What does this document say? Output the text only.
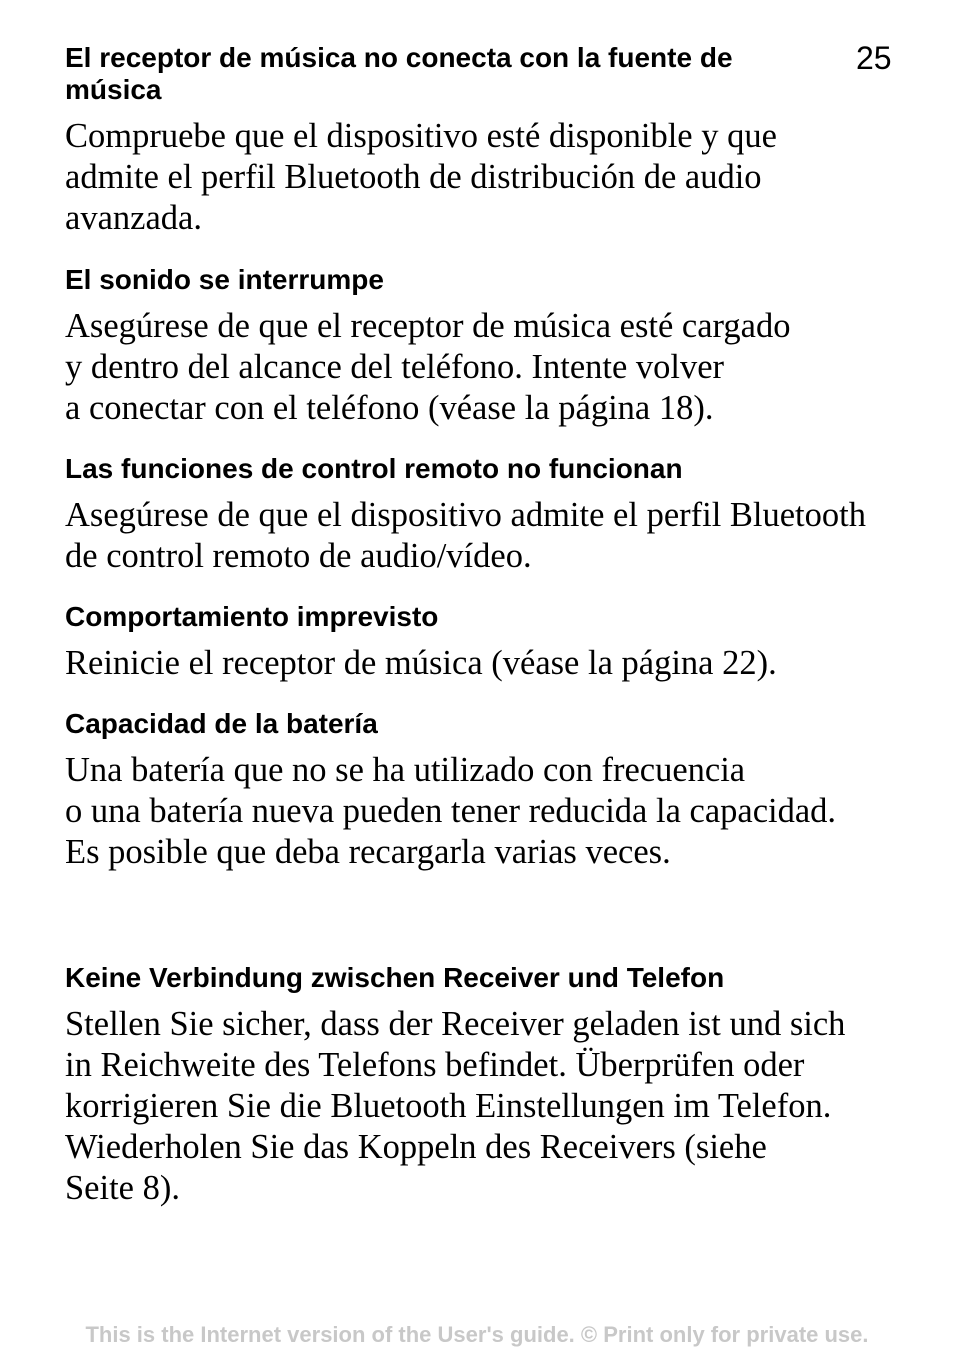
25
El receptor de música no conecta con la fuente de música

Compruebe que el dispositivo esté disponible y que
admite el perfil Bluetooth de distribución de audio
avanzada.

El sonido se interrumpe

Asegúrese de que el receptor de música esté cargado
y dentro del alcance del teléfono. Intente volver
a conectar con el teléfono (véase la página 18).

Las funciones de control remoto no funcionan

Asegúrese de que el dispositivo admite el perfil Bluetooth
de control remoto de audio/vídeo.

Comportamiento imprevisto

Reinicie el receptor de música (véase la página 22).

Capacidad de la batería

Una batería que no se ha utilizado con frecuencia
o una batería nueva pueden tener reducida la capacidad.
Es posible que deba recargarla varias veces.

Keine Verbindung zwischen Receiver und Telefon

Stellen Sie sicher, dass der Receiver geladen ist und sich
in Reichweite des Telefons befindet. Überprüfen oder
korrigieren Sie die Bluetooth Einstellungen im Telefon.
Wiederholen Sie das Koppeln des Receivers (siehe
Seite 8).

This is the Internet version of the User's guide. © Print only for private use.
